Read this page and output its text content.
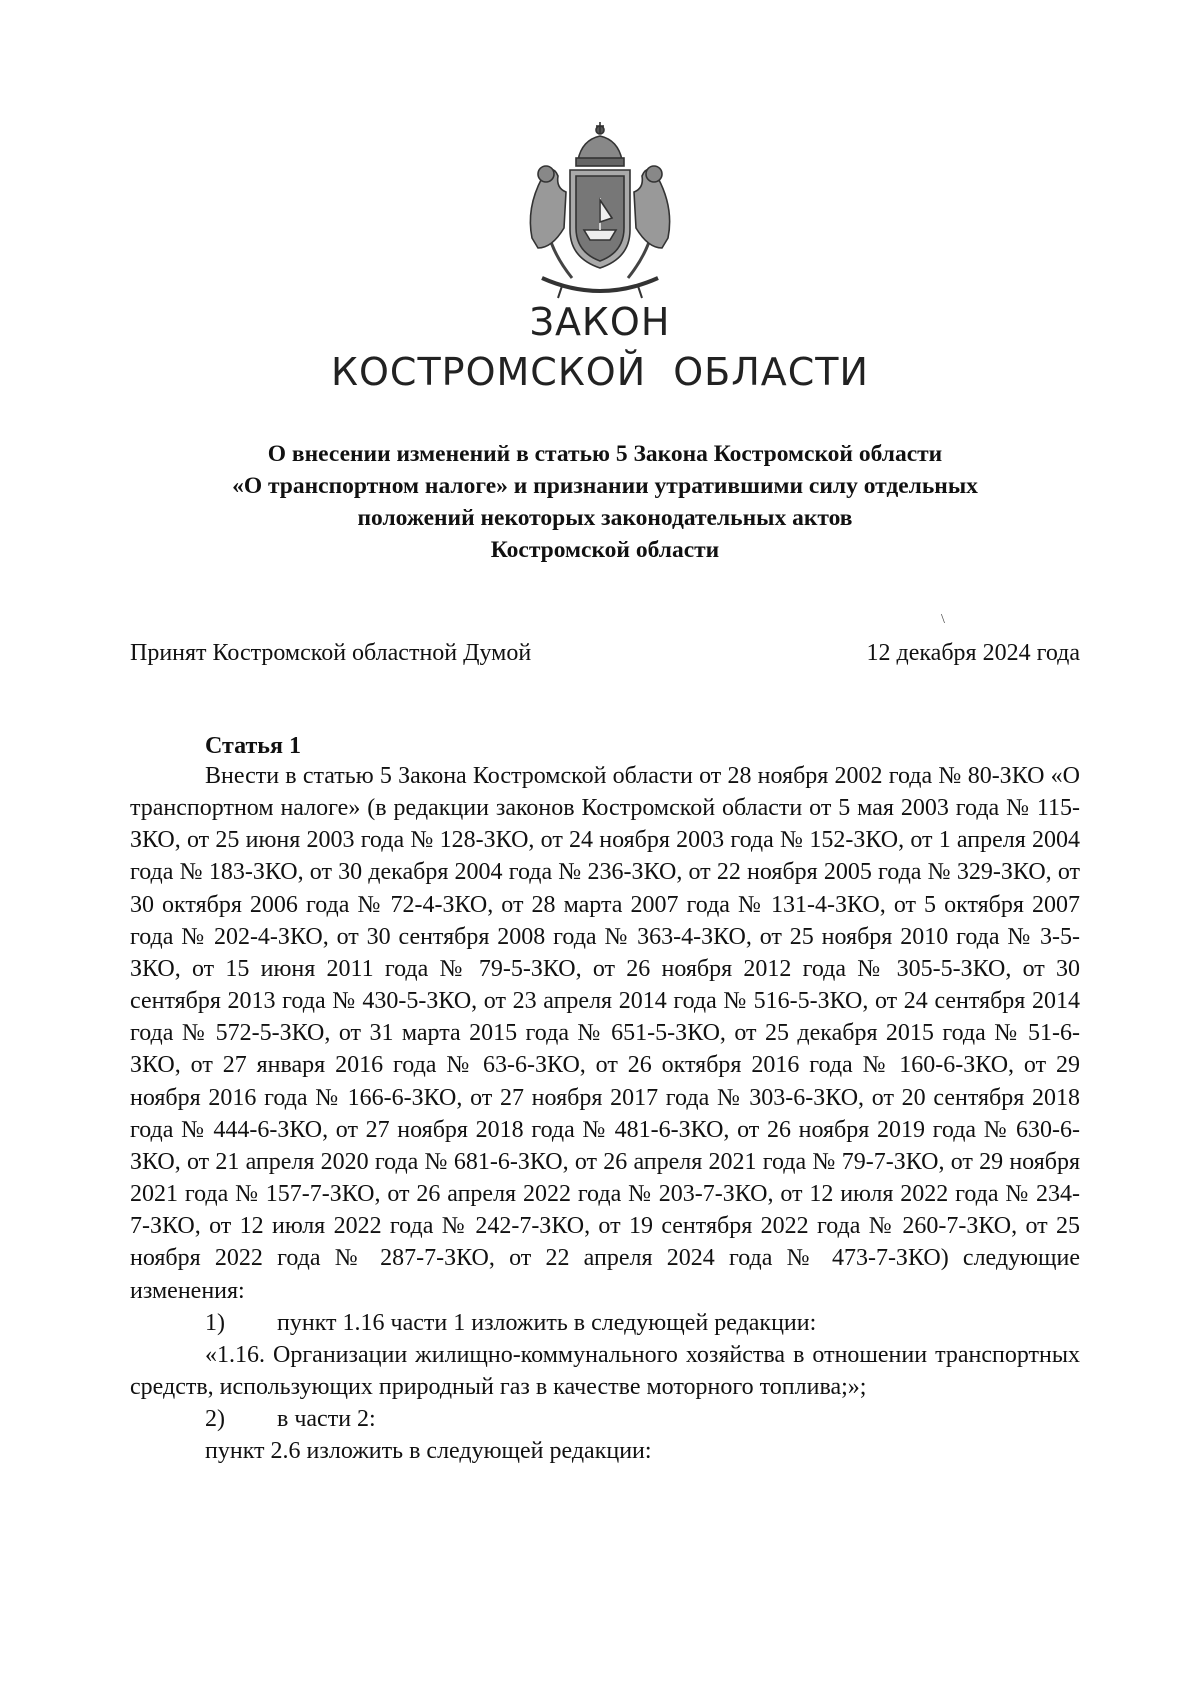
ЗАКОН
КОСТРОМСКОЙ ОБЛАСТИ
О внесении изменений в статью 5 Закона Костромской области
«О транспортном налоге» и признании утратившими силу отдельных
положений некоторых законодательных актов
Костромской области
\
Принят Костромской областной Думой	12 декабря 2024 года
Статья 1

Внести в статью 5 Закона Костромской области от 28 ноября 2002 года № 80-ЗКО «О транспортном налоге» (в редакции законов Костромской области от 5 мая 2003 года № 115-ЗКО, от 25 июня 2003 года № 128-ЗКО, от 24 ноября 2003 года № 152-ЗКО, от 1 апреля 2004 года № 183-ЗКО, от 30 декабря 2004 года № 236-ЗКО, от 22 ноября 2005 года № 329-ЗКО, от 30 октября 2006 года № 72-4-ЗКО, от 28 марта 2007 года № 131-4-ЗКО, от 5 октября 2007 года № 202-4-ЗКО, от 30 сентября 2008 года № 363-4-ЗКО, от 25 ноября 2010 года № 3-5-ЗКО, от 15 июня 2011 года № 79-5-ЗКО, от 26 ноября 2012 года № 305-5-ЗКО, от 30 сентября 2013 года № 430-5-ЗКО, от 23 апреля 2014 года № 516-5-ЗКО, от 24 сентября 2014 года № 572-5-ЗКО, от 31 марта 2015 года № 651-5-ЗКО, от 25 декабря 2015 года № 51-6-ЗКО, от 27 января 2016 года № 63-6-ЗКО, от 26 октября 2016 года № 160-6-ЗКО, от 29 ноября 2016 года № 166-6-ЗКО, от 27 ноября 2017 года № 303-6-ЗКО, от 20 сентября 2018 года № 444-6-ЗКО, от 27 ноября 2018 года № 481-6-ЗКО, от 26 ноября 2019 года № 630-6-ЗКО, от 21 апреля 2020 года № 681-6-ЗКО, от 26 апреля 2021 года № 79-7-ЗКО, от 29 ноября 2021 года № 157-7-ЗКО, от 26 апреля 2022 года № 203-7-ЗКО, от 12 июля 2022 года № 234-7-ЗКО, от 12 июля 2022 года № 242-7-ЗКО, от 19 сентября 2022 года № 260-7-ЗКО, от 25 ноября 2022 года № 287-7-ЗКО, от 22 апреля 2024 года № 473-7-ЗКО) следующие изменения:

1)	пункт 1.16 части 1 изложить в следующей редакции:

«1.16. Организации жилищно-коммунального хозяйства в отношении транспортных средств, использующих природный газ в качестве моторного топлива;»;

2)	в части 2:

пункт 2.6 изложить в следующей редакции:
